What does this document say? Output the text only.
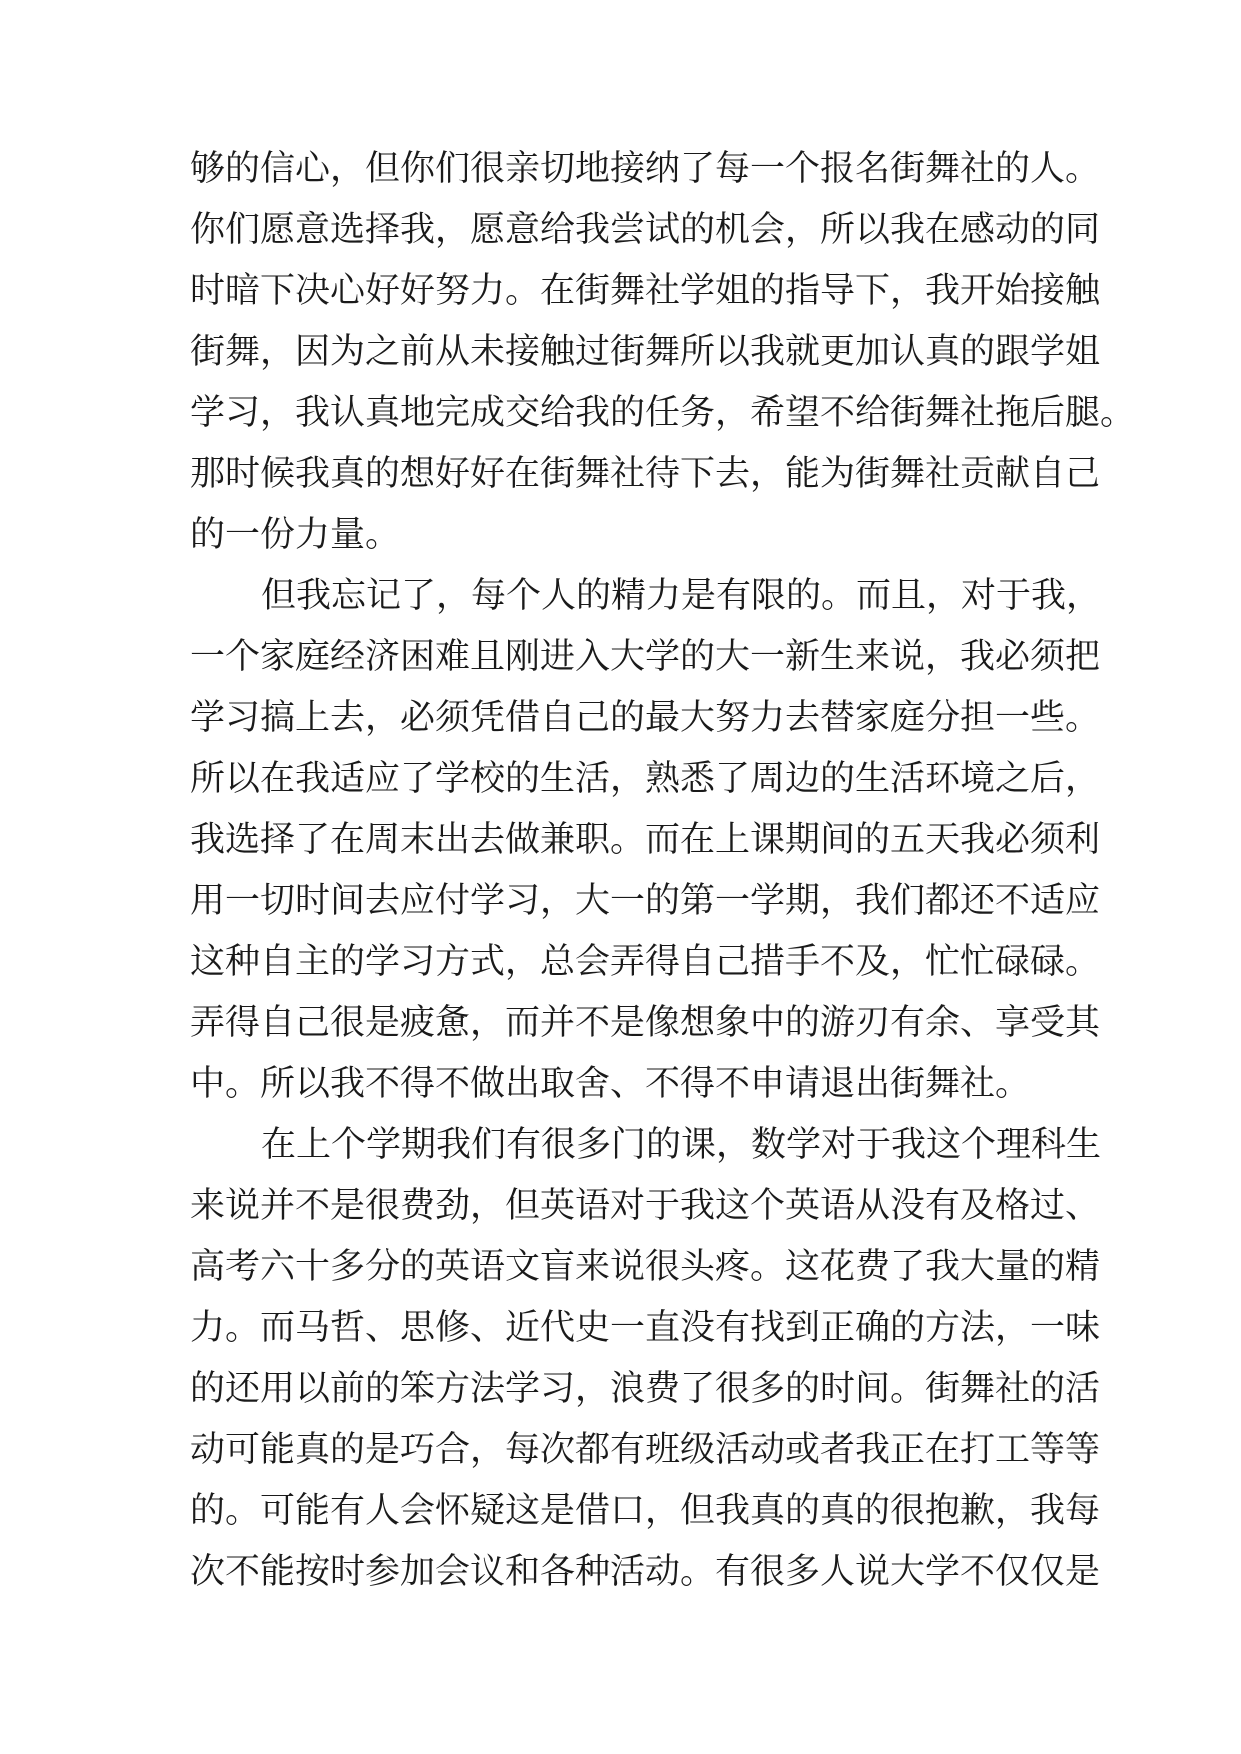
够的信心，但你们很亲切地接纳了每一个报名街舞社的人。
你们愿意选择我，愿意给我尝试的机会，所以我在感动的同
时暗下决心好好努力。在街舞社学姐的指导下，我开始接触
街舞，因为之前从未接触过街舞所以我就更加认真的跟学姐
学习，我认真地完成交给我的任务，希望不给街舞社拖后腿。
那时候我真的想好好在街舞社待下去，能为街舞社贡献自己
的一份力量。
但我忘记了，每个人的精力是有限的。而且，对于我，
一个家庭经济困难且刚进入大学的大一新生来说，我必须把
学习搞上去，必须凭借自己的最大努力去替家庭分担一些。
所以在我适应了学校的生活，熟悉了周边的生活环境之后，
我选择了在周末出去做兼职。而在上课期间的五天我必须利
用一切时间去应付学习，大一的第一学期，我们都还不适应
这种自主的学习方式，总会弄得自己措手不及，忙忙碌碌。
弄得自己很是疲惫，而并不是像想象中的游刃有余、享受其
中。所以我不得不做出取舍、不得不申请退出街舞社。
在上个学期我们有很多门的课，数学对于我这个理科生
来说并不是很费劲，但英语对于我这个英语从没有及格过、
高考六十多分的英语文盲来说很头疼。这花费了我大量的精
力。而马哲、思修、近代史一直没有找到正确的方法，一味
的还用以前的笨方法学习，浪费了很多的时间。街舞社的活
动可能真的是巧合，每次都有班级活动或者我正在打工等等
的。可能有人会怀疑这是借口，但我真的真的很抱歉，我每
次不能按时参加会议和各种活动。有很多人说大学不仅仅是
